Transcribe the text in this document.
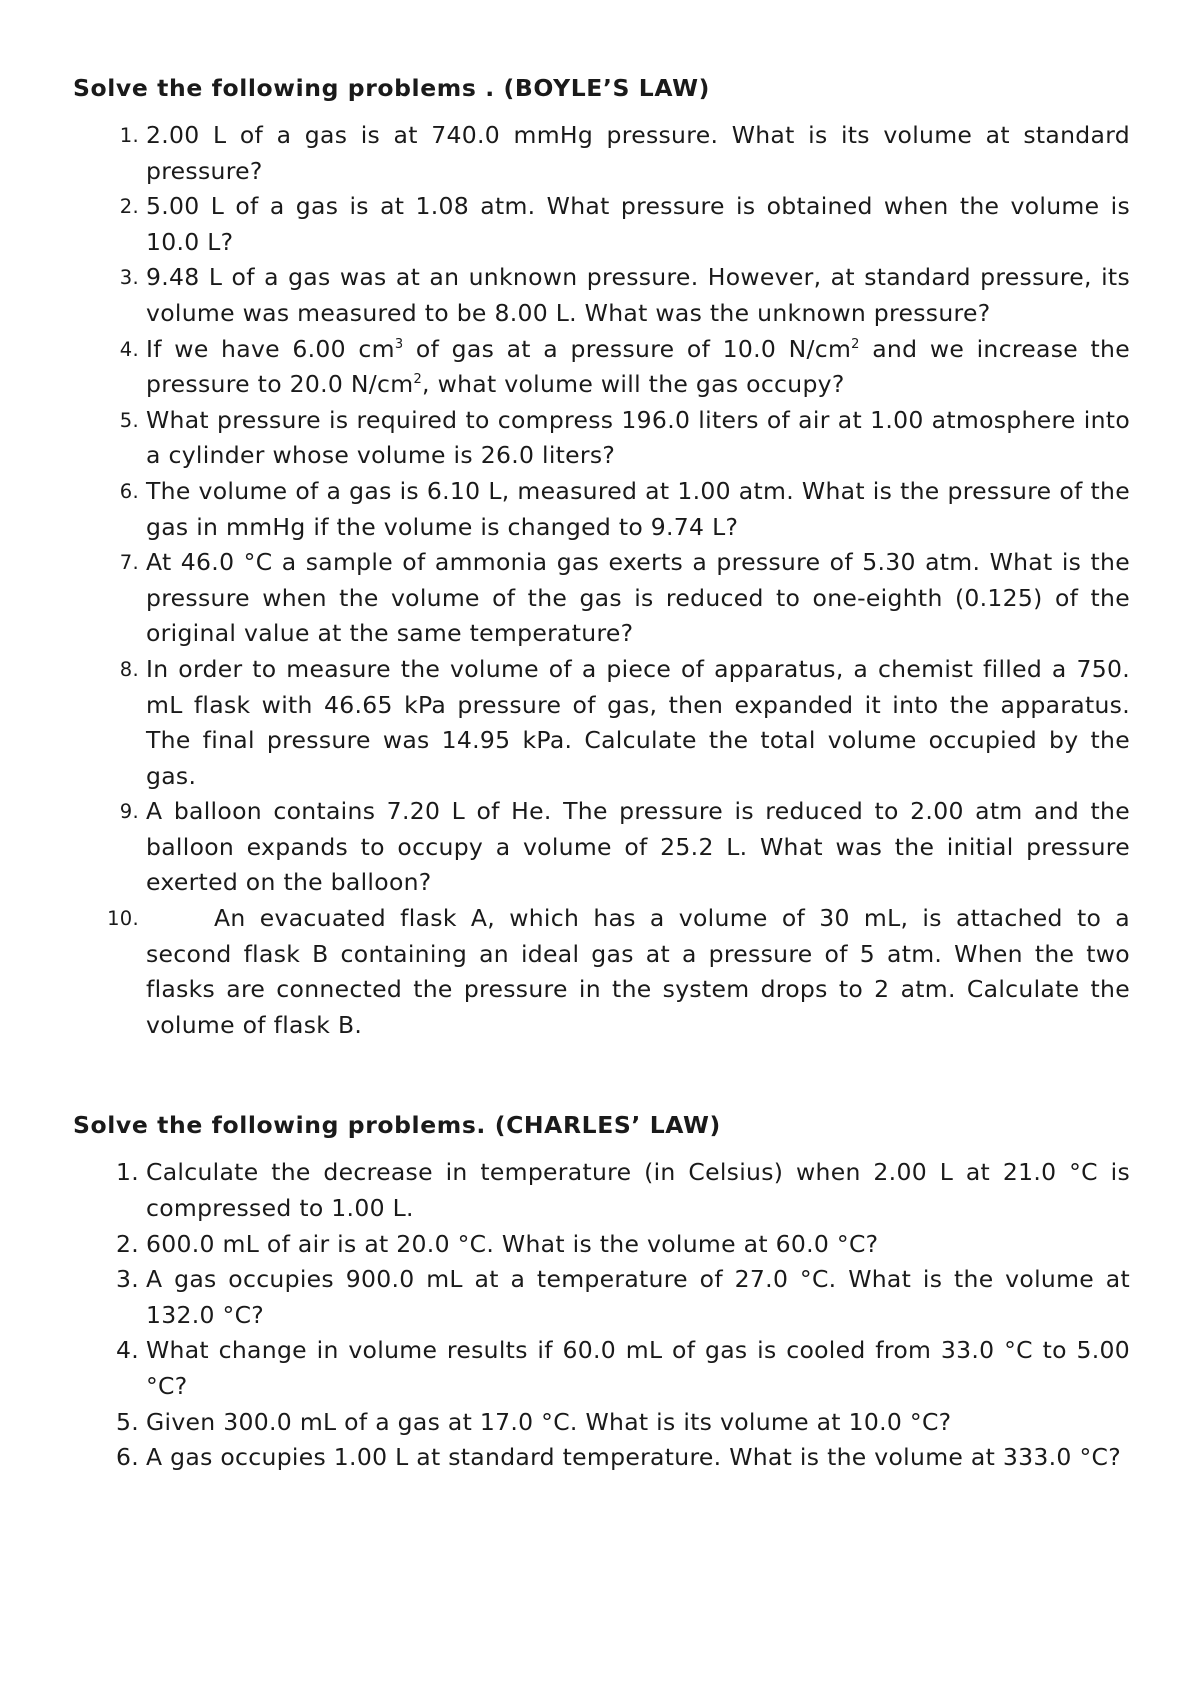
Solve the following problems . (BOYLE’S LAW)
1. 2.00 L of a gas is at 740.0 mmHg pressure. What is its volume at standard pressure?
2. 5.00 L of a gas is at 1.08 atm. What pressure is obtained when the volume is 10.0 L?
3. 9.48 L of a gas was at an unknown pressure. However, at standard pressure, its volume was measured to be 8.00 L. What was the unknown pressure?
4. If we have 6.00 $cm^3$ of gas at a pressure of 10.0 $N/cm^2$ and we increase the pressure to 20.0 $N/cm^2$, what volume will the gas occupy?
5. What pressure is required to compress 196.0 liters of air at 1.00 atmosphere into a cylinder whose volume is 26.0 liters?
6. The volume of a gas is 6.10 L, measured at 1.00 atm. What is the pressure of the gas in mmHg if the volume is changed to 9.74 L?
7. At 46.0 °C a sample of ammonia gas exerts a pressure of 5.30 atm. What is the pressure when the volume of the gas is reduced to one-eighth (0.125) of the original value at the same temperature?
8. In order to measure the volume of a piece of apparatus, a chemist filled a 750. mL flask with 46.65 kPa pressure of gas, then expanded it into the apparatus. The final pressure was 14.95 kPa. Calculate the total volume occupied by the gas.
9. A balloon contains 7.20 L of He. The pressure is reduced to 2.00 atm and the balloon expands to occupy a volume of 25.2 L. What was the initial pressure exerted on the balloon?
10.	An evacuated flask A, which has a volume of 30 mL, is attached to a second flask B containing an ideal gas at a pressure of 5 atm. When the two flasks are connected the pressure in the system drops to 2 atm. Calculate the volume of flask B.
Solve the following problems. (CHARLES’ LAW)
1. Calculate the decrease in temperature (in Celsius) when 2.00 L at 21.0 °C is compressed to 1.00 L.
2. 600.0 mL of air is at 20.0 °C. What is the volume at 60.0 °C?
3. A gas occupies 900.0 mL at a temperature of 27.0 °C. What is the volume at 132.0 °C?
4. What change in volume results if 60.0 mL of gas is cooled from 33.0 °C to 5.00 °C?
5. Given 300.0 mL of a gas at 17.0 °C. What is its volume at 10.0 °C?
6. A gas occupies 1.00 L at standard temperature. What is the volume at 333.0 °C?
